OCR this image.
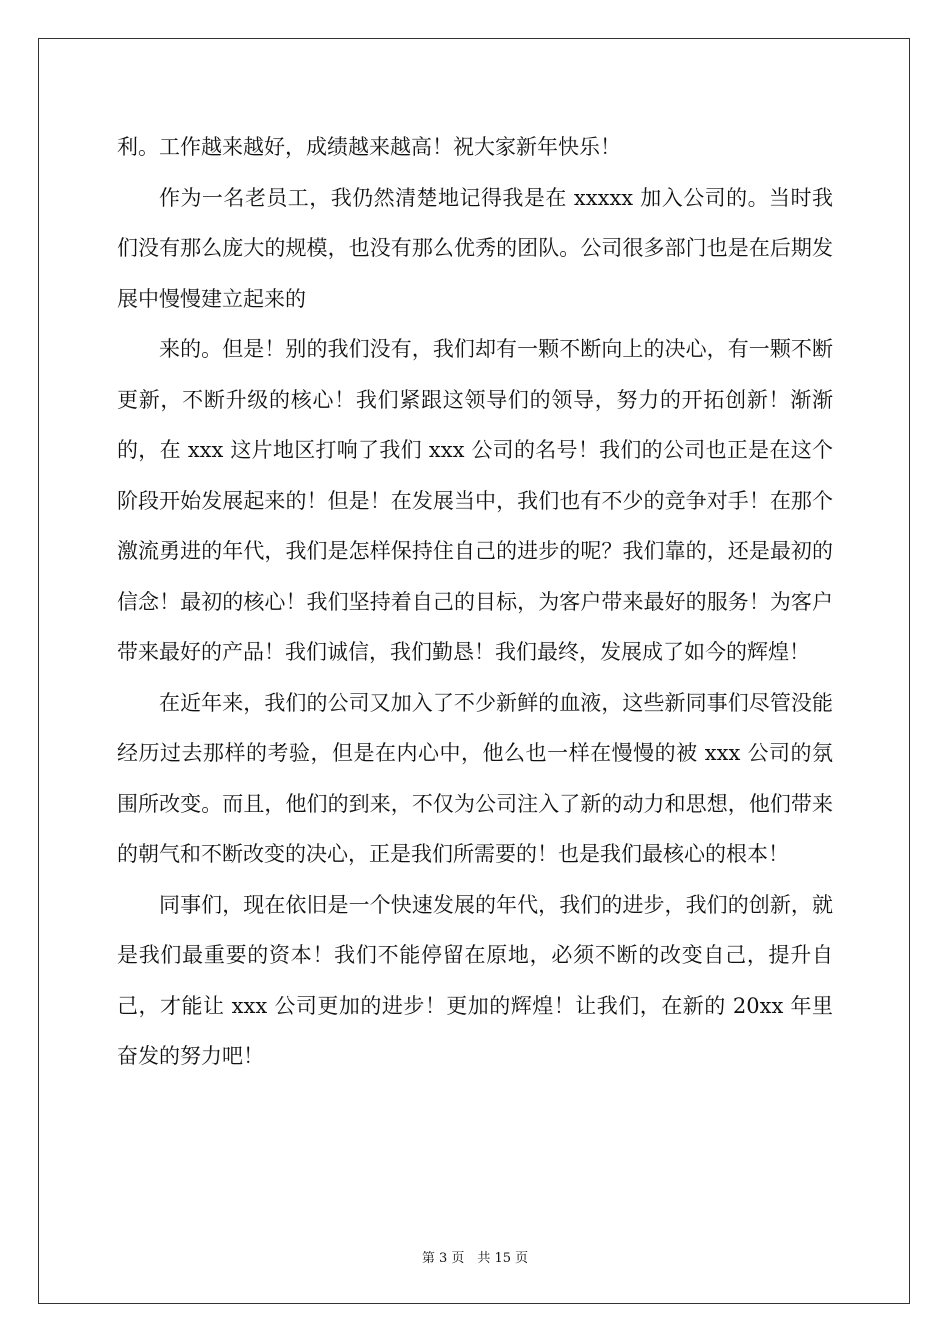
利。工作越来越好，成绩越来越高！祝大家新年快乐！

作为一名老员工，我仍然清楚地记得我是在 xxxxx 加入公司的。当时我们没有那么庞大的规模，也没有那么优秀的团队。公司很多部门也是在后期发展中慢慢建立起来的

来的。但是！别的我们没有，我们却有一颗不断向上的决心，有一颗不断更新，不断升级的核心！我们紧跟这领导们的领导，努力的开拓创新！渐渐的，在 xxx 这片地区打响了我们 xxx 公司的名号！我们的公司也正是在这个阶段开始发展起来的！但是！在发展当中，我们也有不少的竞争对手！在那个激流勇进的年代，我们是怎样保持住自己的进步的呢？我们靠的，还是最初的信念！最初的核心！我们坚持着自己的目标，为客户带来最好的服务！为客户带来最好的产品！我们诚信，我们勤恳！我们最终，发展成了如今的辉煌！

在近年来，我们的公司又加入了不少新鲜的血液，这些新同事们尽管没能经历过去那样的考验，但是在内心中，他么也一样在慢慢的被 xxx 公司的氛围所改变。而且，他们的到来，不仅为公司注入了新的动力和思想，他们带来的朝气和不断改变的决心，正是我们所需要的！也是我们最核心的根本！

同事们，现在依旧是一个快速发展的年代，我们的进步，我们的创新，就是我们最重要的资本！我们不能停留在原地，必须不断的改变自己，提升自己，才能让 xxx 公司更加的进步！更加的辉煌！让我们，在新的 20xx 年里奋发的努力吧！

第 3 页　共 15 页
